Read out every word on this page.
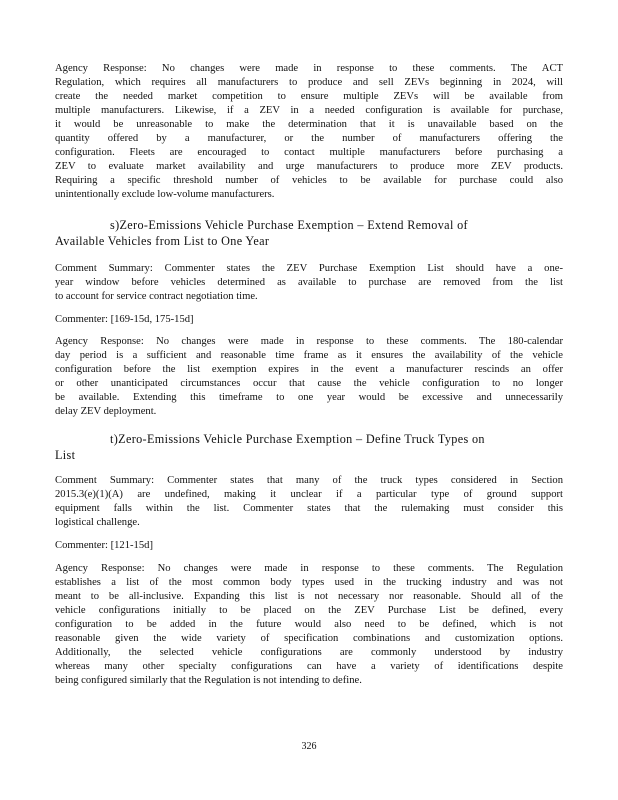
Agency Response: No changes were made in response to these comments. The ACT
Regulation, which requires all manufacturers to produce and sell ZEVs beginning in 2024, will
create the needed market competition to ensure multiple ZEVs will be available from
multiple manufacturers. Likewise, if a ZEV in a needed configuration is available for purchase,
it would be unreasonable to make the determination that it is unavailable based on the
quantity offered by a manufacturer, or the number of manufacturers offering the
configuration. Fleets are encouraged to contact multiple manufacturers before purchasing a
ZEV to evaluate market availability and urge manufacturers to produce more ZEV products.
Requiring a specific threshold number of vehicles to be available for purchase could also
unintentionally exclude low-volume manufacturers.
s)Zero-Emissions Vehicle Purchase Exemption – Extend Removal of
Available Vehicles from List to One Year
Comment Summary: Commenter states the ZEV Purchase Exemption List should have a one-
year window before vehicles determined as available to purchase are removed from the list
to account for service contract negotiation time.
Commenter: [169-15d, 175-15d]
Agency Response: No changes were made in response to these comments. The 180-calendar
day period is a sufficient and reasonable time frame as it ensures the availability of the vehicle
configuration before the list exemption expires in the event a manufacturer rescinds an offer
or other unanticipated circumstances occur that cause the vehicle configuration to no longer
be available. Extending this timeframe to one year would be excessive and unnecessarily
delay ZEV deployment.
t)Zero-Emissions Vehicle Purchase Exemption – Define Truck Types on
List
Comment Summary: Commenter states that many of the truck types considered in Section
2015.3(e)(1)(A) are undefined, making it unclear if a particular type of ground support
equipment falls within the list. Commenter states that the rulemaking must consider this
logistical challenge.
Commenter: [121-15d]
Agency Response: No changes were made in response to these comments. The Regulation
establishes a list of the most common body types used in the trucking industry and was not
meant to be all-inclusive. Expanding this list is not necessary nor reasonable. Should all of the
vehicle configurations initially to be placed on the ZEV Purchase List be defined, every
configuration to be added in the future would also need to be defined, which is not
reasonable given the wide variety of specification combinations and customization options.
Additionally, the selected vehicle configurations are commonly understood by industry
whereas many other specialty configurations can have a variety of identifications despite
being configured similarly that the Regulation is not intending to define.
326
